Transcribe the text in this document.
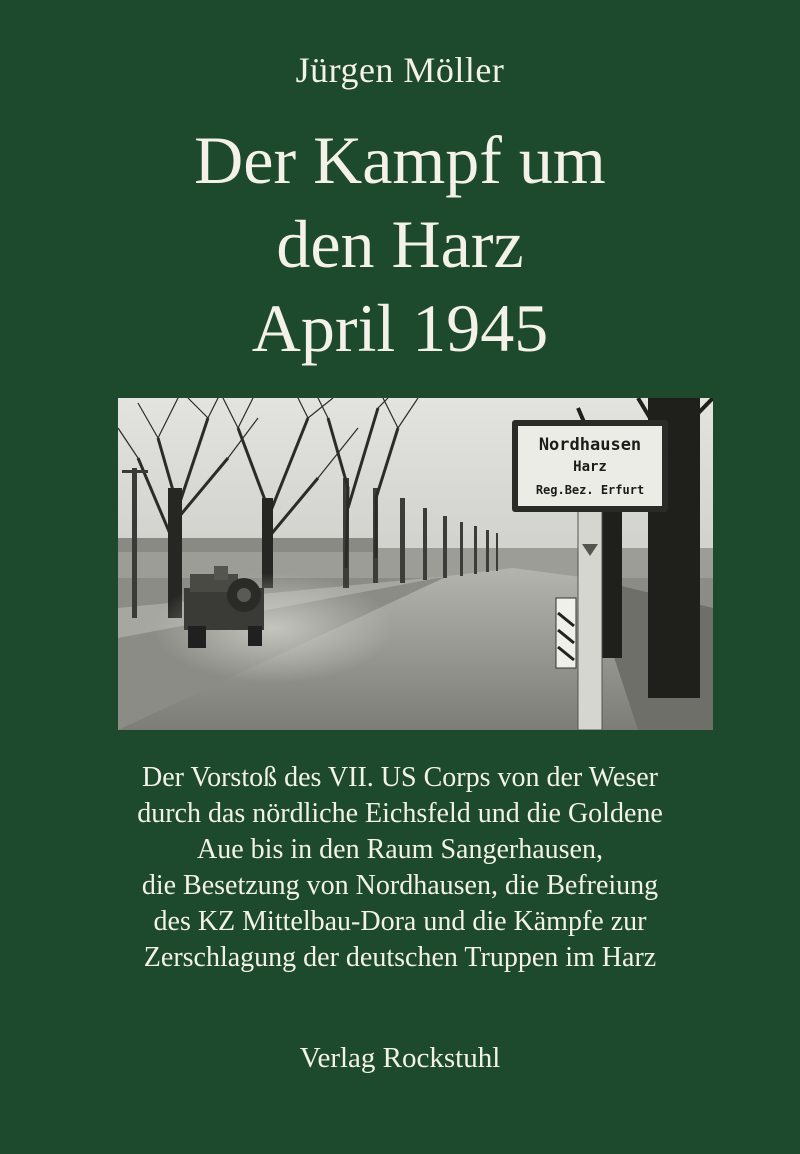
Jürgen Möller
Der Kampf um
den Harz
April 1945
Nordhausen
Harz
Reg.Bez. Erfurt
Der Vorstoß des VII. US Corps von der Weser
durch das nördliche Eichsfeld und die Goldene
Aue bis in den Raum Sangerhausen,
die Besetzung von Nordhausen, die Befreiung
des KZ Mittelbau-Dora und die Kämpfe zur
Zerschlagung der deutschen Truppen im Harz
Verlag Rockstuhl
